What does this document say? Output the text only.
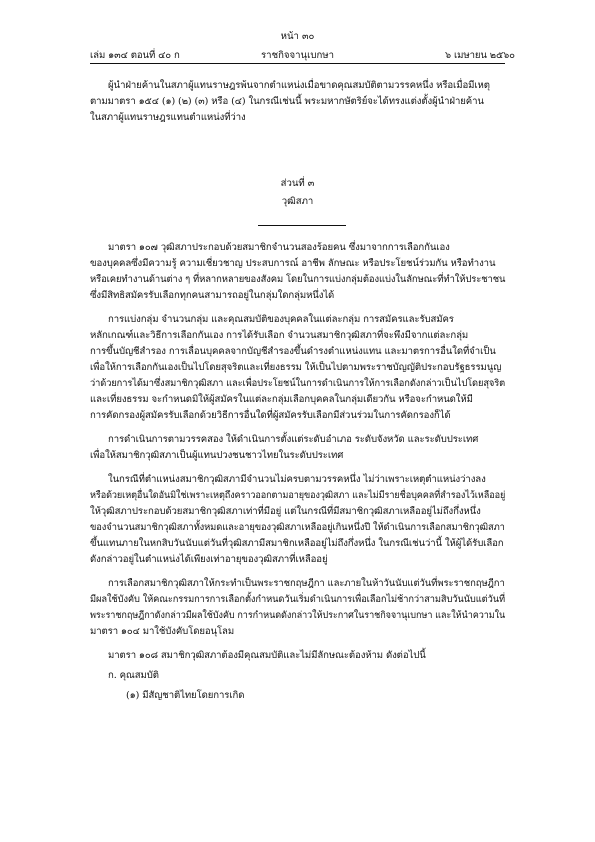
หน้า ๓๐
เล่ม ๑๓๔ ตอนที่ ๔๐ ก	ราชกิจจานุเบกษา	๖ เมษายน ๒๕๖๐
ผู้นำฝ่ายค้านในสภาผู้แทนราษฎรพ้นจากตำแหน่งเมื่อขาดคุณสมบัติตามวรรคหนึ่ง หรือเมื่อมีเหตุ
ตามมาตรา ๑๕๔ (๑) (๒) (๓) หรือ (๔) ในกรณีเช่นนี้ พระมหากษัตริย์จะได้ทรงแต่งตั้งผู้นำฝ่ายค้าน
ในสภาผู้แทนราษฎรแทนตำแหน่งที่ว่าง
ส่วนที่ ๓
วุฒิสภา
มาตรา ๑๐๗ วุฒิสภาประกอบด้วยสมาชิกจำนวนสองร้อยคน ซึ่งมาจากการเลือกกันเอง
ของบุคคลซึ่งมีความรู้ ความเชี่ยวชาญ ประสบการณ์ อาชีพ ลักษณะ หรือประโยชน์ร่วมกัน หรือทำงาน
หรือเคยทำงานด้านต่าง ๆ ที่หลากหลายของสังคม โดยในการแบ่งกลุ่มต้องแบ่งในลักษณะที่ทำให้ประชาชน
ซึ่งมีสิทธิสมัครรับเลือกทุกคนสามารถอยู่ในกลุ่มใดกลุ่มหนึ่งได้
การแบ่งกลุ่ม จำนวนกลุ่ม และคุณสมบัติของบุคคลในแต่ละกลุ่ม การสมัครและรับสมัคร
หลักเกณฑ์และวิธีการเลือกกันเอง การได้รับเลือก จำนวนสมาชิกวุฒิสภาที่จะพึงมีจากแต่ละกลุ่ม
การขึ้นบัญชีสำรอง การเลื่อนบุคคลจากบัญชีสำรองขึ้นดำรงตำแหน่งแทน และมาตรการอื่นใดที่จำเป็น
เพื่อให้การเลือกกันเองเป็นไปโดยสุจริตและเที่ยงธรรม ให้เป็นไปตามพระราชบัญญัติประกอบรัฐธรรมนูญ
ว่าด้วยการได้มาซึ่งสมาชิกวุฒิสภา และเพื่อประโยชน์ในการดำเนินการให้การเลือกดังกล่าวเป็นไปโดยสุจริต
และเที่ยงธรรม จะกำหนดมิให้ผู้สมัครในแต่ละกลุ่มเลือกบุคคลในกลุ่มเดียวกัน หรือจะกำหนดให้มี
การคัดกรองผู้สมัครรับเลือกด้วยวิธีการอื่นใดที่ผู้สมัครรับเลือกมีส่วนร่วมในการคัดกรองก็ได้
การดำเนินการตามวรรคสอง ให้ดำเนินการตั้งแต่ระดับอำเภอ ระดับจังหวัด และระดับประเทศ
เพื่อให้สมาชิกวุฒิสภาเป็นผู้แทนปวงชนชาวไทยในระดับประเทศ
ในกรณีที่ตำแหน่งสมาชิกวุฒิสภามีจำนวนไม่ครบตามวรรคหนึ่ง ไม่ว่าเพราะเหตุตำแหน่งว่างลง
หรือด้วยเหตุอื่นใดอันมิใช่เพราะเหตุถึงคราวออกตามอายุของวุฒิสภา และไม่มีรายชื่อบุคคลที่สำรองไว้เหลืออยู่
ให้วุฒิสภาประกอบด้วยสมาชิกวุฒิสภาเท่าที่มีอยู่ แต่ในกรณีที่มีสมาชิกวุฒิสภาเหลืออยู่ไม่ถึงกึ่งหนึ่ง
ของจำนวนสมาชิกวุฒิสภาทั้งหมดและอายุของวุฒิสภาเหลืออยู่เกินหนึ่งปี ให้ดำเนินการเลือกสมาชิกวุฒิสภา
ขึ้นแทนภายในหกสิบวันนับแต่วันที่วุฒิสภามีสมาชิกเหลืออยู่ไม่ถึงกึ่งหนึ่ง ในกรณีเช่นว่านี้ ให้ผู้ได้รับเลือก
ดังกล่าวอยู่ในตำแหน่งได้เพียงเท่าอายุของวุฒิสภาที่เหลืออยู่
การเลือกสมาชิกวุฒิสภาให้กระทำเป็นพระราชกฤษฎีกา และภายในห้าวันนับแต่วันที่พระราชกฤษฎีกา
มีผลใช้บังคับ ให้คณะกรรมการการเลือกตั้งกำหนดวันเริ่มดำเนินการเพื่อเลือกไม่ช้ากว่าสามสิบวันนับแต่วันที่
พระราชกฤษฎีกาดังกล่าวมีผลใช้บังคับ การกำหนดดังกล่าวให้ประกาศในราชกิจจานุเบกษา และให้นำความใน
มาตรา ๑๐๔ มาใช้บังคับโดยอนุโลม
มาตรา ๑๐๘ สมาชิกวุฒิสภาต้องมีคุณสมบัติและไม่มีลักษณะต้องห้าม ดังต่อไปนี้
ก. คุณสมบัติ
(๑) มีสัญชาติไทยโดยการเกิด
